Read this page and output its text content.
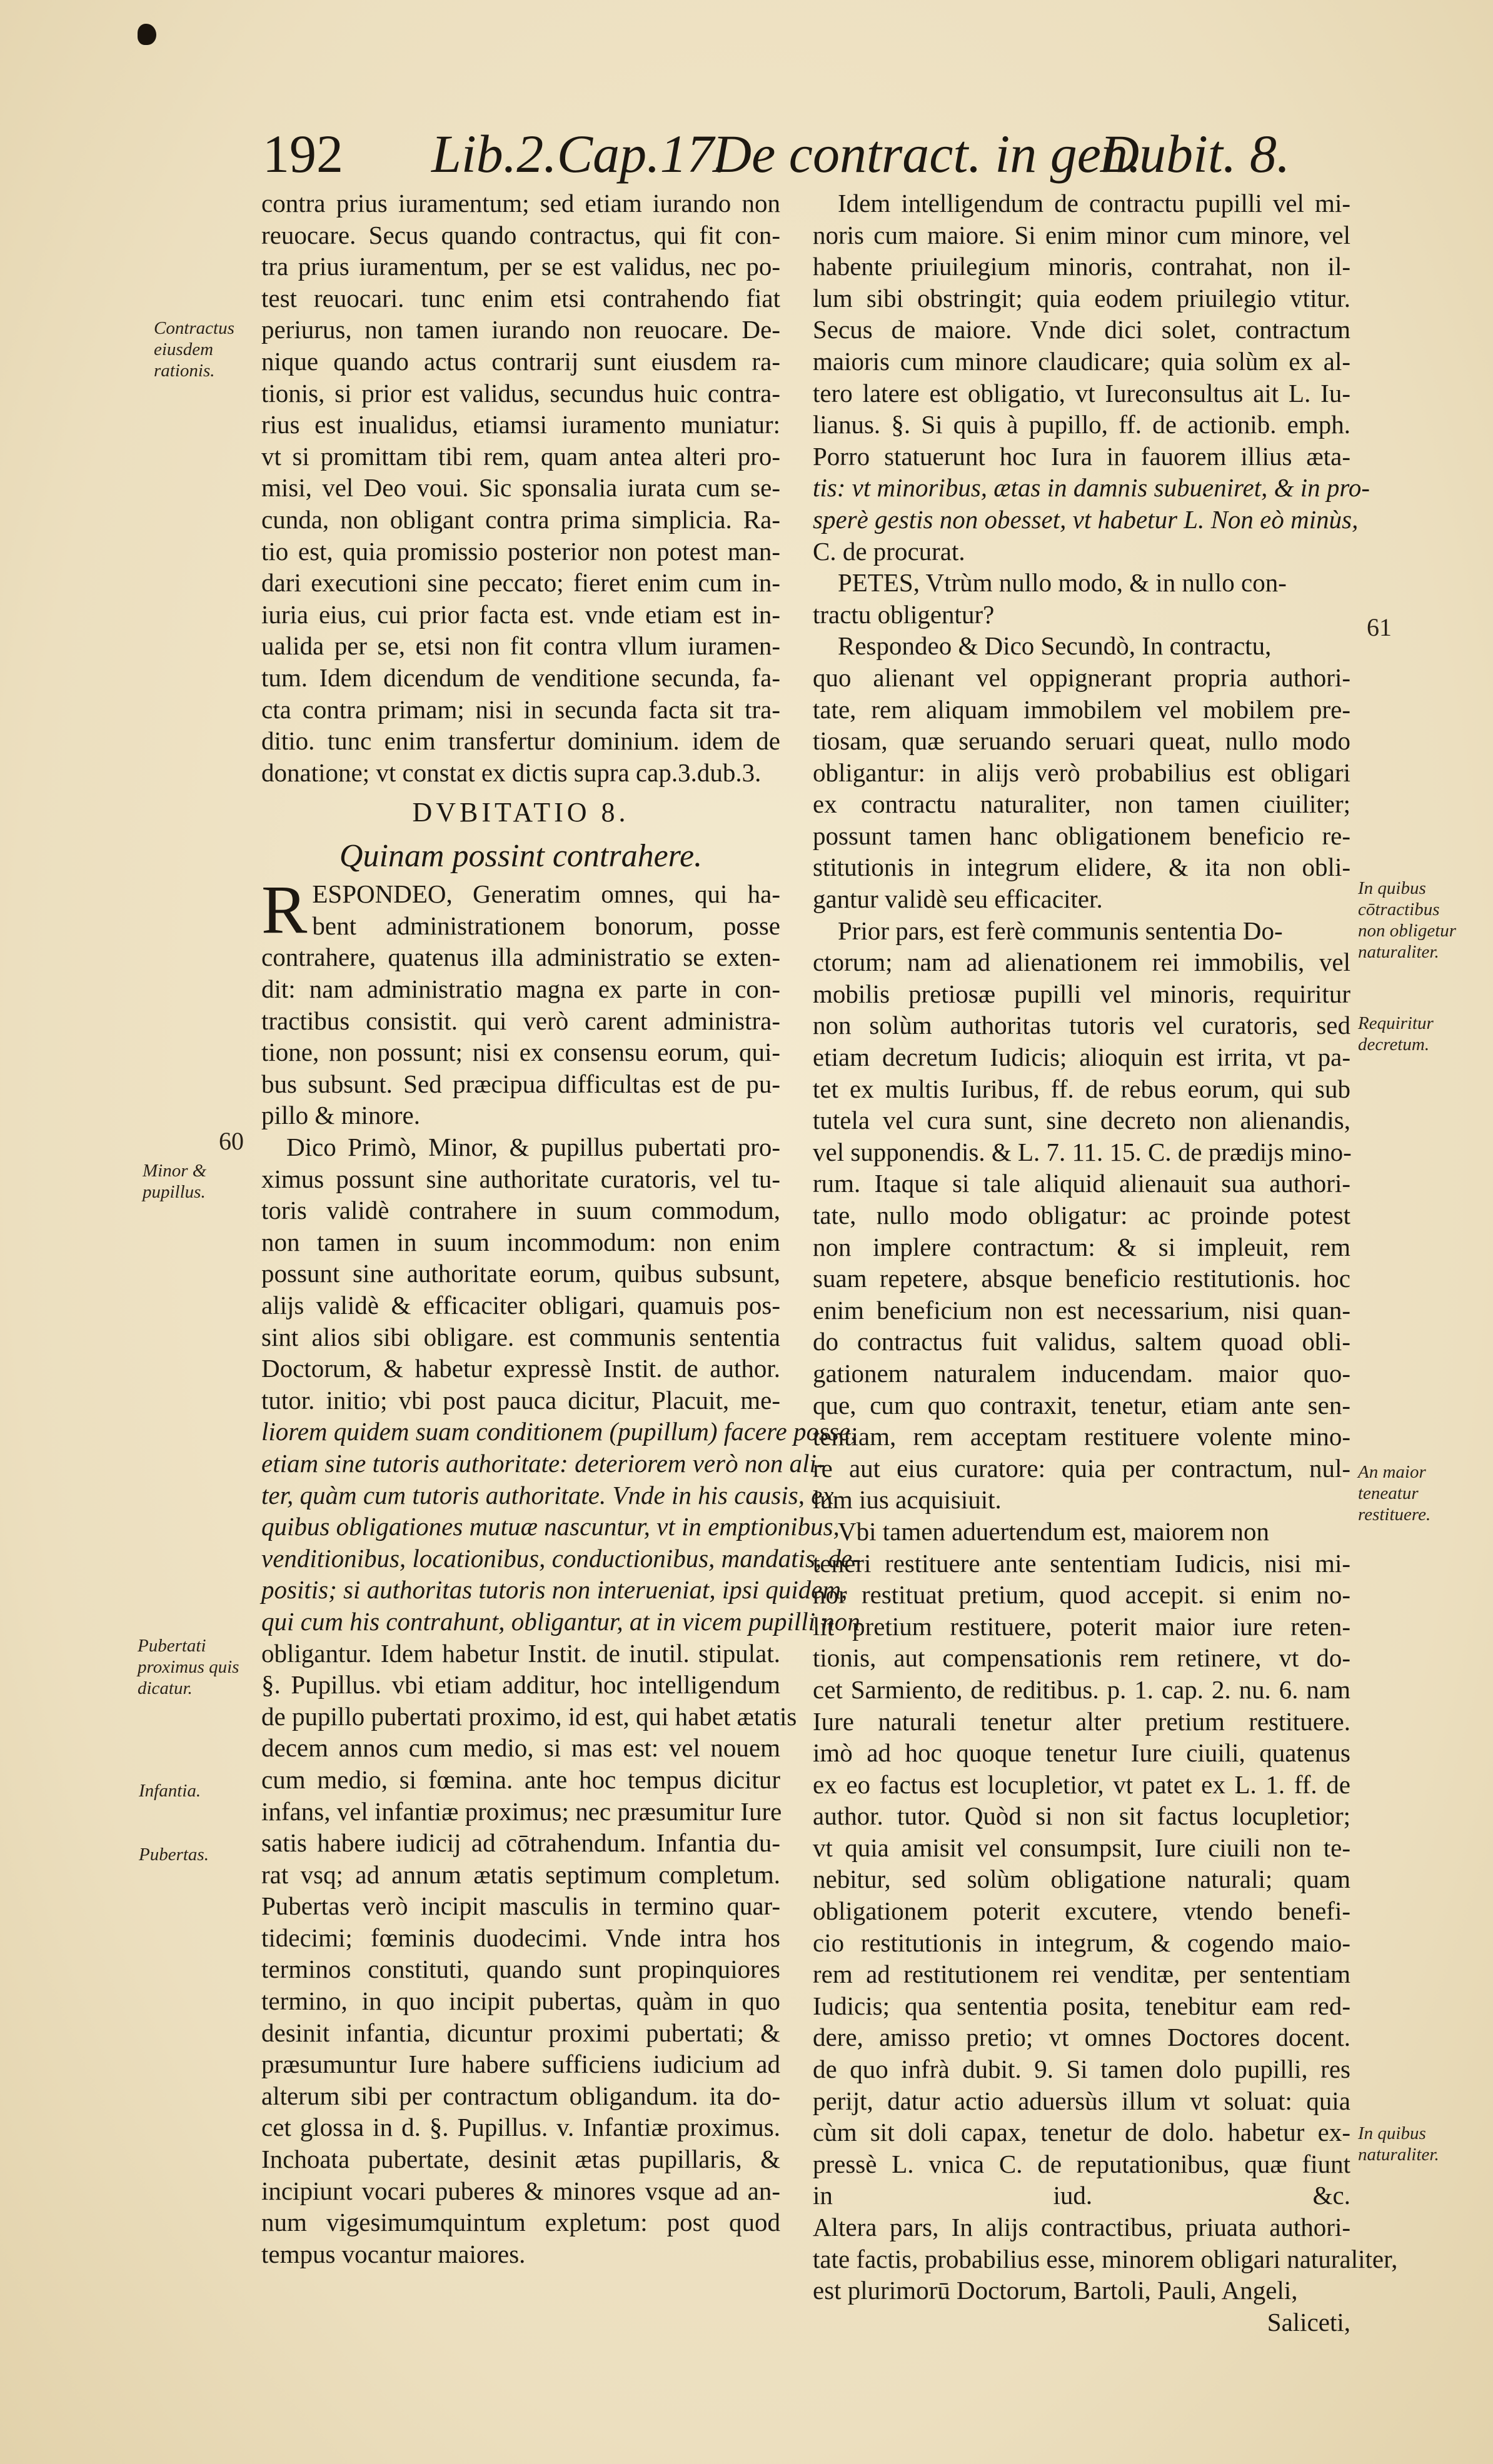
192 Lib.2.Cap.17.
De contract. in gen.
Dubit. 8.
contra prius iuramentum; sed etiam iurando non
reuocare. Secus quando contractus, qui fit con-
tra prius iuramentum, per se est validus, nec po-
test reuocari. tunc enim etsi contrahendo fiat
periurus, non tamen iurando non reuocare. De-
nique quando actus contrarij sunt eiusdem ra-
tionis, si prior est validus, secundus huic contra-
rius est inualidus, etiamsi iuramento muniatur:
vt si promittam tibi rem, quam antea alteri pro-
misi, vel Deo voui. Sic sponsalia iurata cum se-
cunda, non obligant contra prima simplicia. Ra-
tio est, quia promissio posterior non potest man-
dari executioni sine peccato; fieret enim cum in-
iuria eius, cui prior facta est. vnde etiam est in-
ualida per se, etsi non fit contra vllum iuramen-
tum. Idem dicendum de venditione secunda, fa-
cta contra primam; nisi in secunda facta sit tra-
ditio. tunc enim transfertur dominium. idem de
donatione; vt constat ex dictis supra cap.3.dub.3.
DVBITATIO 8.
Quinam possint contrahere.
R ESPONDEO, Generatim omnes, qui ha-
bent administrationem bonorum, posse
contrahere, quatenus illa administratio se exten-
dit: nam administratio magna ex parte in con-
tractibus consistit. qui verò carent administra-
tione, non possunt; nisi ex consensu eorum, qui-
bus subsunt. Sed præcipua difficultas est de pu-
pillo & minore.
Dico Primò, Minor, & pupillus pubertati pro-
ximus possunt sine authoritate curatoris, vel tu-
toris validè contrahere in suum commodum,
non tamen in suum incommodum: non enim
possunt sine authoritate eorum, quibus subsunt,
alijs validè & efficaciter obligari, quamuis pos-
sint alios sibi obligare. est communis sententia
Doctorum, & habetur expressè Instit. de author.
tutor. initio; vbi post pauca dicitur, Placuit, me-
liorem quidem suam conditionem (pupillum) facere posse,
etiam sine tutoris authoritate: deteriorem verò non ali-
ter, quàm cum tutoris authoritate. Vnde in his causis, ex
quibus obligationes mutuæ nascuntur, vt in emptionibus,
venditionibus, locationibus, conductionibus, mandatis, de-
positis; si authoritas tutoris non interueniat, ipsi quidem,
qui cum his contrahunt, obligantur, at in vicem pupilli non
obligantur. Idem habetur Instit. de inutil. stipulat.
§. Pupillus. vbi etiam additur, hoc intelligendum
de pupillo pubertati proximo, id est, qui habet ætatis
decem annos cum medio, si mas est: vel nouem
cum medio, si fœmina. ante hoc tempus dicitur
infans, vel infantiæ proximus; nec præsumitur Iure
satis habere iudicij ad cōtrahendum. Infantia du-
rat vsq; ad annum ætatis septimum completum.
Pubertas verò incipit masculis in termino quar-
tidecimi; fœminis duodecimi. Vnde intra hos
terminos constituti, quando sunt propinquiores
termino, in quo incipit pubertas, quàm in quo
desinit infantia, dicuntur proximi pubertati; &
præsumuntur Iure habere sufficiens iudicium ad
alterum sibi per contractum obligandum. ita do-
cet glossa in d. §. Pupillus. v. Infantiæ proximus.
Inchoata pubertate, desinit ætas pupillaris, &
incipiunt vocari puberes & minores vsque ad an-
num vigesimumquintum expletum: post quod
tempus vocantur maiores.
Idem intelligendum de contractu pupilli vel mi-
noris cum maiore. Si enim minor cum minore, vel
habente priuilegium minoris, contrahat, non il-
lum sibi obstringit; quia eodem priuilegio vtitur.
Secus de maiore. Vnde dici solet, contractum
maioris cum minore claudicare; quia solùm ex al-
tero latere est obligatio, vt Iureconsultus ait L. Iu-
lianus. §. Si quis à pupillo, ff. de actionib. emph.
Porro statuerunt hoc Iura in fauorem illius ætа-
tis: vt minoribus, ætas in damnis subueniret, & in pro-
sperè gestis non obesset, vt habetur L. Non eò minùs,
C. de procurat.
PETES, Vtrùm nullo modo, & in nullo con-
tractu obligentur?
Respondeo & Dico Secundò, In contractu,
quo alienant vel oppignerant propria authori-
tate, rem aliquam immobilem vel mobilem pre-
tiosam, quæ seruando seruari queat, nullo modo
obligantur: in alijs verò probabilius est obligari
ex contractu naturaliter, non tamen ciuiliter;
possunt tamen hanc obligationem beneficio re-
stitutionis in integrum elidere, & ita non obli-
gantur validè seu efficaciter.
Prior pars, est ferè communis sententia Do-
ctorum; nam ad alienationem rei immobilis, vel
mobilis pretiosæ pupilli vel minoris, requiritur
non solùm authoritas tutoris vel curatoris, sed
etiam decretum Iudicis; alioquin est irrita, vt pa-
tet ex multis Iuribus, ff. de rebus eorum, qui sub
tutela vel cura sunt, sine decreto non alienandis,
vel supponendis. & L. 7. 11. 15. C. de prædijs mino-
rum. Itaque si tale aliquid alienauit sua authori-
tate, nullo modo obligatur: ac proinde potest
non implere contractum: & si impleuit, rem
suam repetere, absque beneficio restitutionis. hoc
enim beneficium non est necessarium, nisi quan-
do contractus fuit validus, saltem quoad obli-
gationem naturalem inducendam. maior quo-
que, cum quo contraxit, tenetur, etiam ante sen-
tentiam, rem acceptam restituere volente mino-
re aut eius curatore: quia per contractum, nul-
lum ius acquisiuit.
Vbi tamen aduertendum est, maiorem non
teneri restituere ante sententiam Iudicis, nisi mi-
nor restituat pretium, quod accepit. si enim no-
lit pretium restituere, poterit maior iure reten-
tionis, aut compensationis rem retinere, vt do-
cet Sarmiento, de reditibus. p. 1. cap. 2. nu. 6. nam
Iure naturali tenetur alter pretium restituere.
imò ad hoc quoque tenetur Iure ciuili, quatenus
ex eo factus est locupletior, vt patet ex L. 1. ff. de
author. tutor. Quòd si non sit factus locupletior;
vt quia amisit vel consumpsit, Iure ciuili non te-
nebitur, sed solùm obligatione naturali; quam
obligationem poterit excutere, vtendo benefi-
cio restitutionis in integrum, & cogendo maio-
rem ad restitutionem rei venditæ, per sententiam
Iudicis; qua sententia posita, tenebitur eam red-
dere, amisso pretio; vt omnes Doctores docent.
de quo infrà dubit. 9. Si tamen dolo pupilli, res
perijt, datur actio aduersùs illum vt soluat: quia
cùm sit doli capax, tenetur de dolo. habetur ex-
pressè L. vnica C. de reputationibus, quæ fiunt
in iud. &c.
Altera pars, In alijs contractibus, priuata authori-
tate factis, probabilius esse, minorem obligari naturaliter,
est plurimorū Doctorum, Bartoli, Pauli, Angeli,
Saliceti,
Contractus eiusdem rationis.
Minor & pupillus.
Pubertati proximus quis dicatur.
Infantia.
Pubertas.
In quibus cōtractibus non obligetur naturaliter.
Requiritur decretum.
An maior teneatur restituere.
In quibus naturaliter.
60
61
